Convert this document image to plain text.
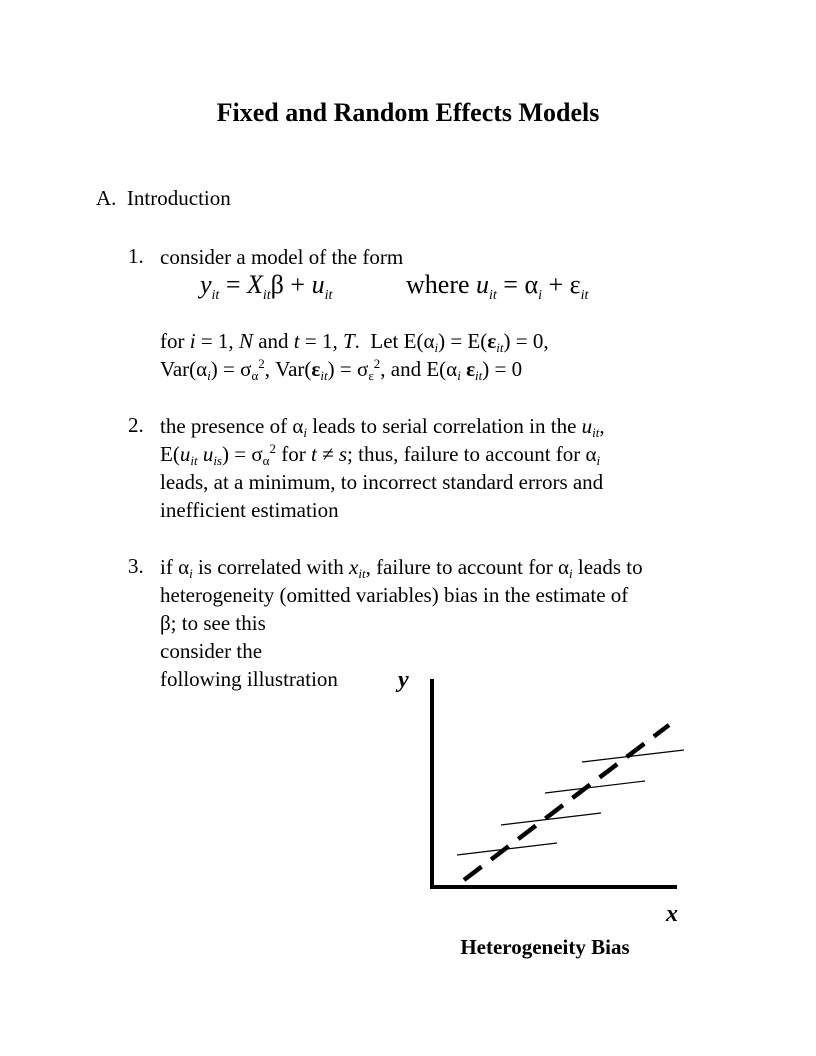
Fixed and Random Effects Models
A. Introduction
1. consider a model of the form
$y_{it} = X_{it}\beta + u_{it}$	where $u_{it} = \alpha_i + \varepsilon_{it}$
for i = 1, N and t = 1, T.  Let $E(\alpha_i) = E(\varepsilon_{it}) = 0$,
$Var(\alpha_i) = \sigma_\alpha^2$, $Var(\varepsilon_{it}) = \sigma_\varepsilon^2$, and $E(\alpha_i$ $\varepsilon_{it}) = 0$
2. the presence of $\alpha_i$ leads to serial correlation in the $u_{it}$,
$E(u_{it}$ $u_{is}) = \sigma_\alpha^2$ for t ≠ s; thus, failure to account for $\alpha_i$
leads, at a minimum, to incorrect standard errors and
inefficient estimation
3. if $\alpha_i$ is correlated with $x_{it}$, failure to account for $\alpha_i$ leads to
heterogeneity (omitted variables) bias in the estimate of
β; to see this
consider the
following illustration	y
x
Heterogeneity Bias
